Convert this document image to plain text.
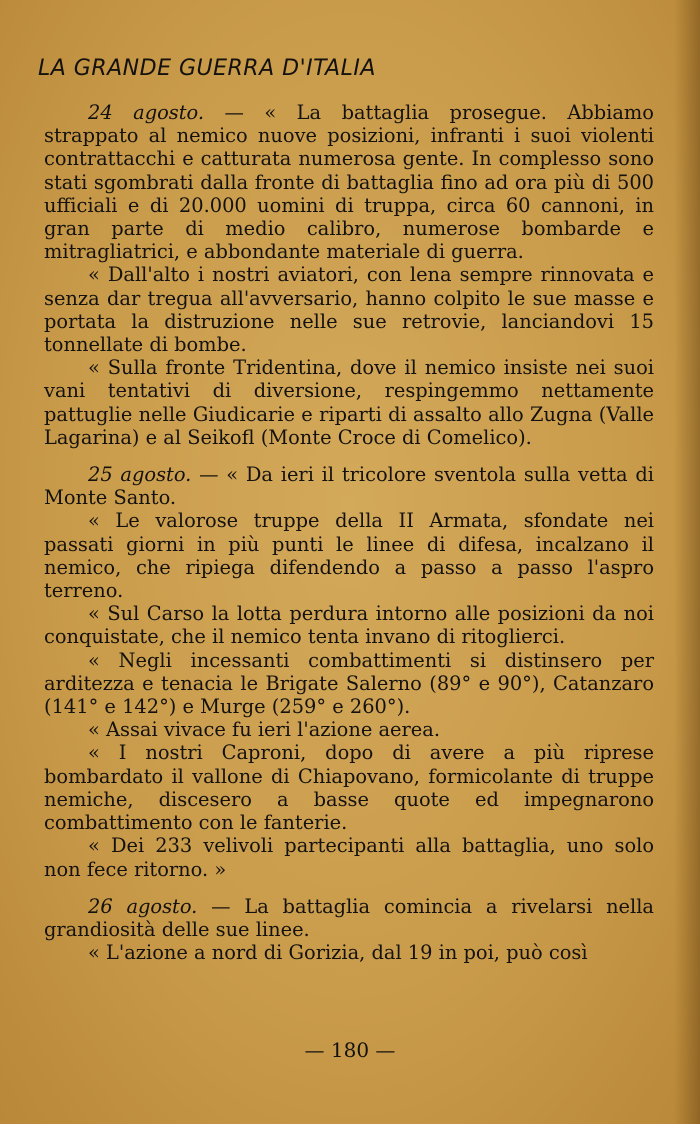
LA GRANDE GUERRA D'ITALIA

24 agosto. — « La battaglia prosegue. Abbiamo strappato al nemico nuove posizioni, infranti i suoi violenti contrattacchi e catturata numerosa gente. In complesso sono stati sgombrati dalla fronte di battaglia fino ad ora più di 500 ufficiali e di 20.000 uomini di truppa, circa 60 cannoni, in gran parte di medio calibro, numerose bombarde e mitragliatrici, e abbondante materiale di guerra.

« Dall'alto i nostri aviatori, con lena sempre rinnovata e senza dar tregua all'avversario, hanno colpito le sue masse e portata la distruzione nelle sue retrovie, lanciandovi 15 tonnellate di bombe.

« Sulla fronte Tridentina, dove il nemico insiste nei suoi vani tentativi di diversione, respingemmo nettamente pattuglie nelle Giudicarie e riparti di assalto allo Zugna (Valle Lagarina) e al Seikofl (Monte Croce di Comelico).

25 agosto. — « Da ieri il tricolore sventola sulla vetta di Monte Santo.

« Le valorose truppe della II Armata, sfondate nei passati giorni in più punti le linee di difesa, incalzano il nemico, che ripiega difendendo a passo a passo l'aspro terreno.

« Sul Carso la lotta perdura intorno alle posizioni da noi conquistate, che il nemico tenta invano di ritoglierci.

« Negli incessanti combattimenti si distinsero per arditezza e tenacia le Brigate Salerno (89° e 90°), Catanzaro (141° e 142°) e Murge (259° e 260°).

« Assai vivace fu ieri l'azione aerea.

« I nostri Caproni, dopo di avere a più riprese bombardato il vallone di Chiapovano, formicolante di truppe nemiche, discesero a basse quote ed impegnarono combattimento con le fanterie.

« Dei 233 velivoli partecipanti alla battaglia, uno solo non fece ritorno. »

26 agosto. — La battaglia comincia a rivelarsi nella grandiosità delle sue linee.

« L'azione a nord di Gorizia, dal 19 in poi, può così

— 180 —
